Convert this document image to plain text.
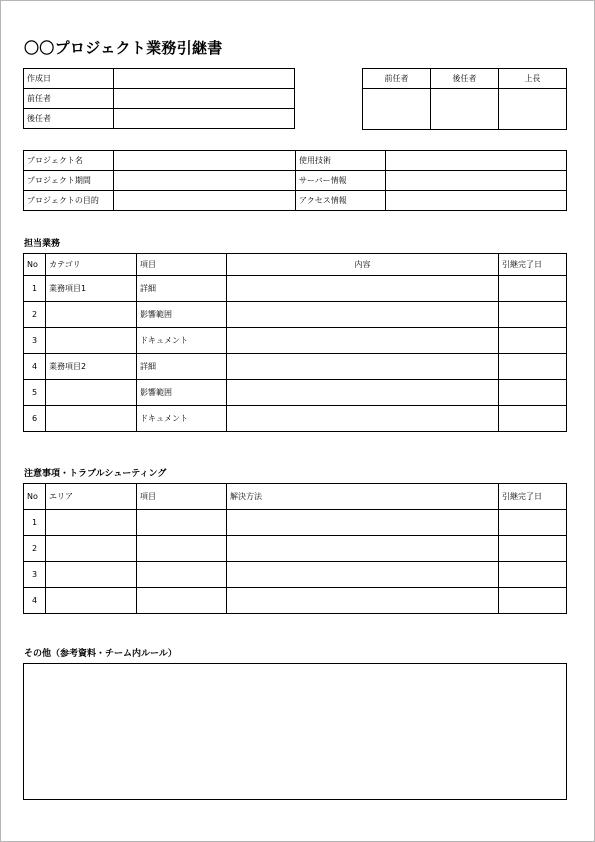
〇〇プロジェクト業務引継書
作成日	
前任者	
後任者	
前任者	後任者	上長

プロジェクト名		使用技術	
プロジェクト期間		サーバー情報	
プロジェクトの目的		アクセス情報	
担当業務
No	カテゴリ	項目	内容	引継完了日
1	業務項目1	詳細		
2		影響範囲		
3		ドキュメント		
4	業務項目2	詳細		
5		影響範囲		
6		ドキュメント		
注意事項・トラブルシューティング
No	エリア	項目	解決方法	引継完了日
1				
2				
3				
4				
その他（参考資料・チーム内ルール）
